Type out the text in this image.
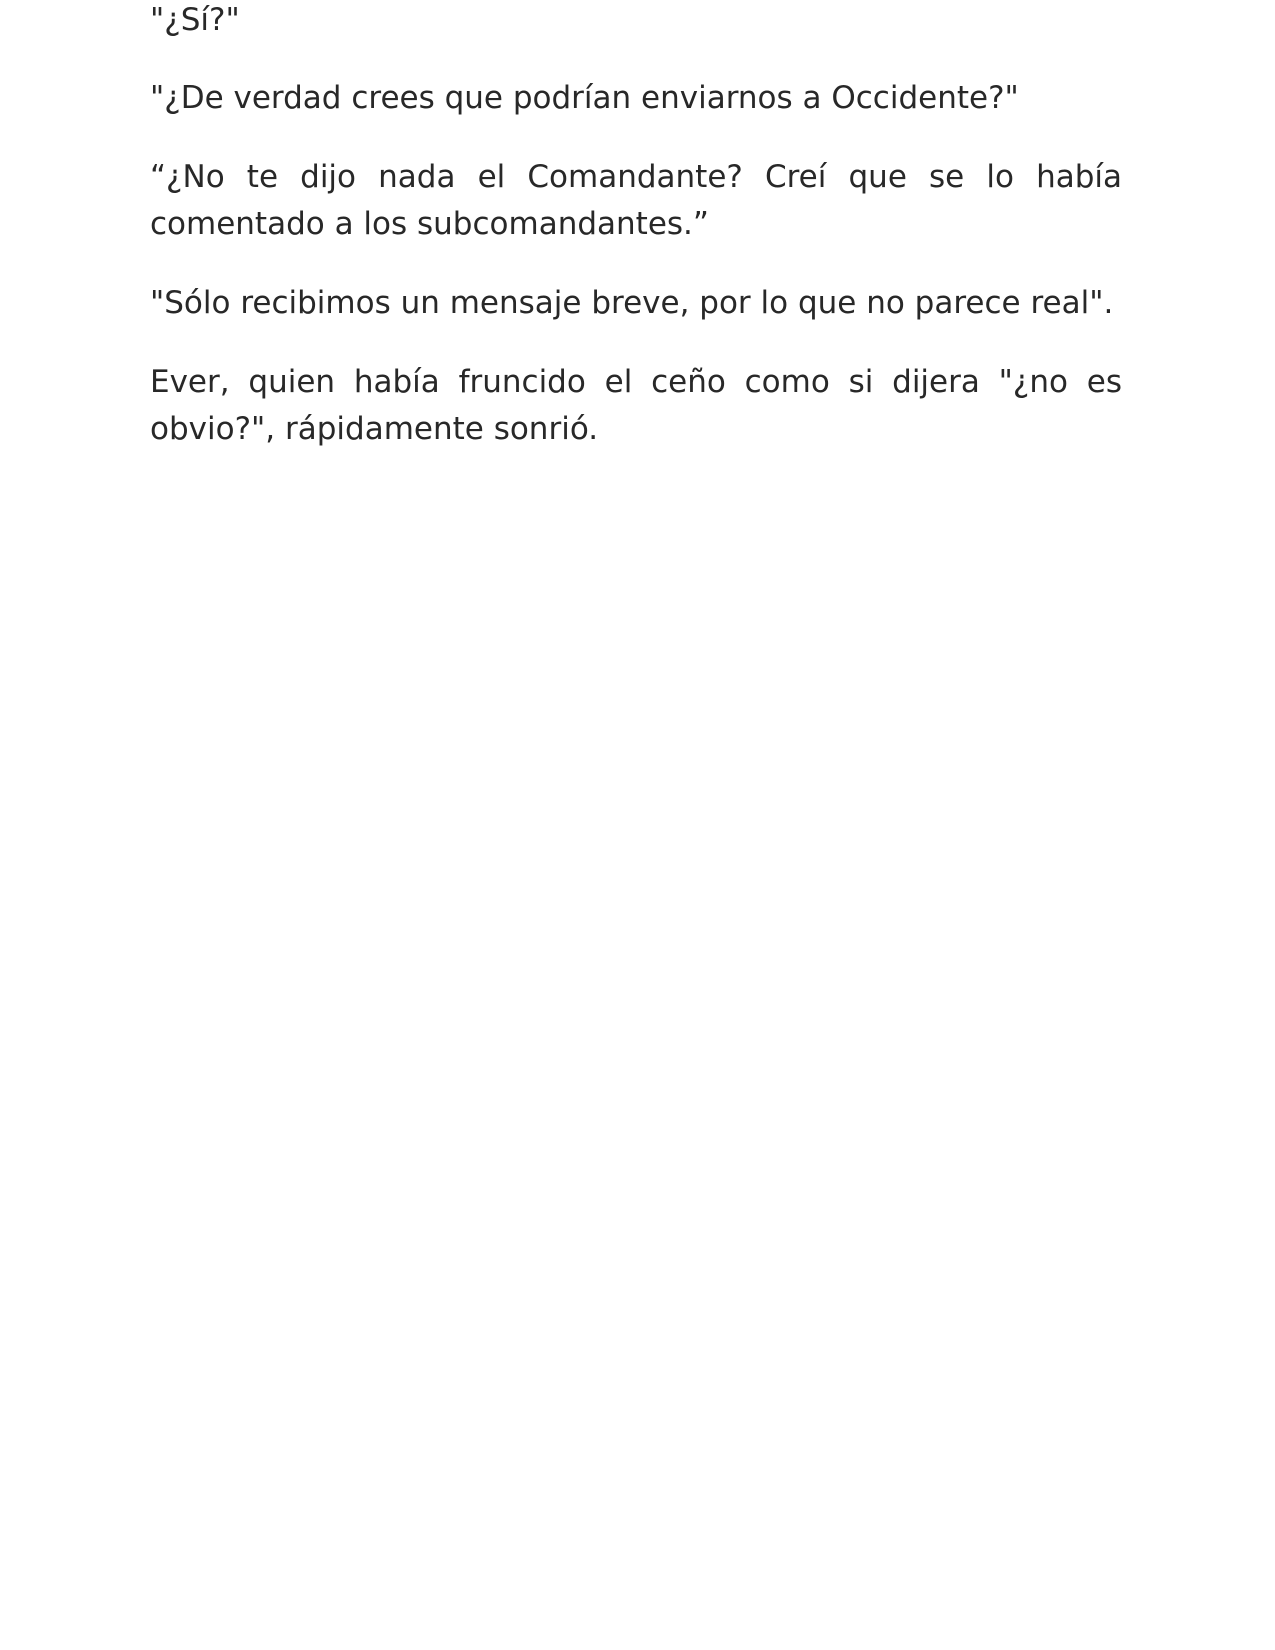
"¿Sí?"

"¿De verdad crees que podrían enviarnos a Occidente?"

“¿No te dijo nada el Comandante? Creí que se lo había comentado a los subcomandantes.”

"Sólo recibimos un mensaje breve, por lo que no parece real".

Ever, quien había fruncido el ceño como si dijera "¿no es obvio?", rápidamente sonrió.
